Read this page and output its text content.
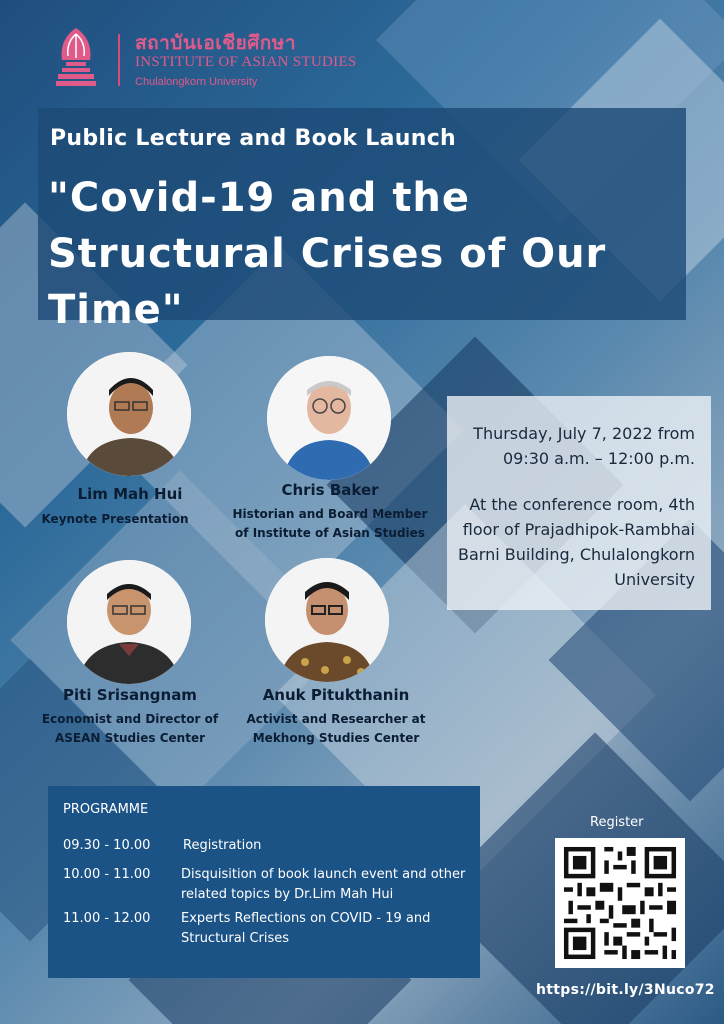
สถาบันเอเชียศึกษา
INSTITUTE OF ASIAN STUDIES
Chulalongkorn University
Public Lecture and Book Launch
"Covid-19 and the Structural Crises of Our Time"
Lim Mah Hui
Keynote Presentation
Chris Baker
Historian and Board Member of Institute of Asian Studies
Piti Srisangnam
Economist and Director of ASEAN Studies Center
Anuk Pitukthanin
Activist and Researcher at Mekhong Studies Center
Thursday, July 7, 2022 from 09:30 a.m. – 12:00 p.m.
At the conference room, 4th floor of Prajadhipok-Rambhai Barni Building, Chulalongkorn University
PROGRAMME
09.30 - 10.00	Registration
10.00 - 11.00 Disquisition of book launch event and other related topics by Dr.Lim Mah Hui
11.00 - 12.00 Experts Reflections on COVID - 19 and Structural Crises
Register
https://bit.ly/3Nuco72
